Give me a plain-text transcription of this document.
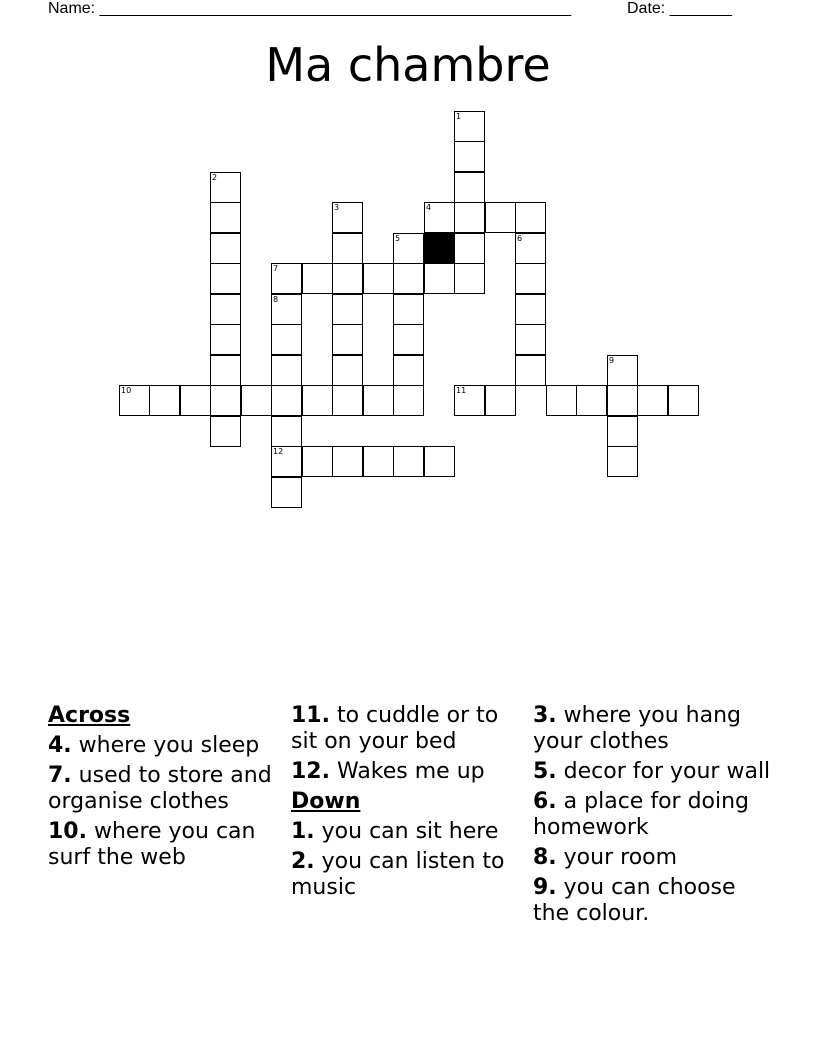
Name: _____________________________________________________	Date: _______
Ma chambre
1
2
3	4
5	6
7
8
9
10	11
12
Across
4. where you sleep
7. used to store and organise clothes
10. where you can surf the web
11. to cuddle or to sit on your bed
12. Wakes me up
Down
1. you can sit here
2. you can listen to music
3. where you hang your clothes
5. decor for your wall
6. a place for doing homework
8. your room
9. you can choose the colour.
